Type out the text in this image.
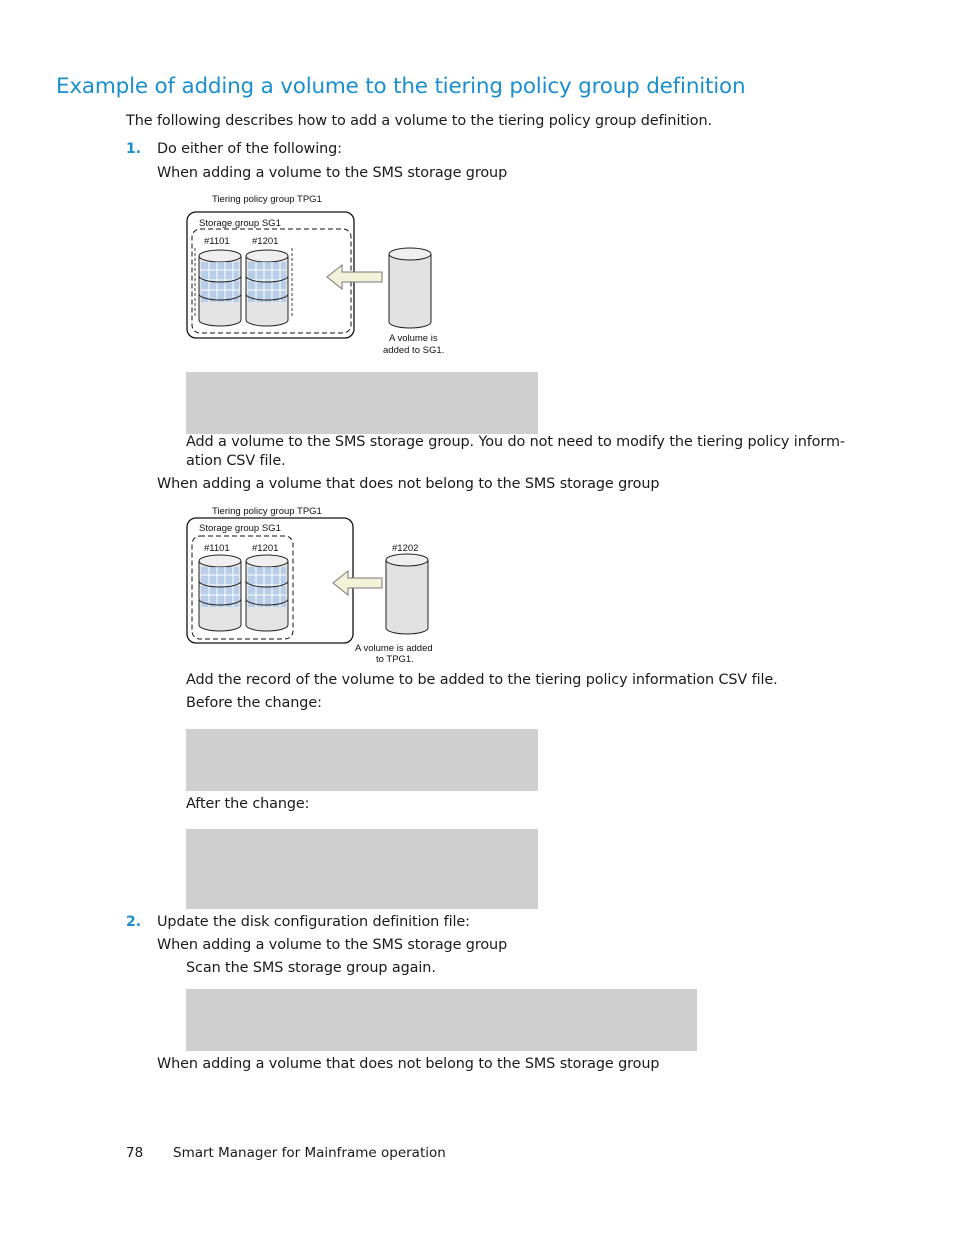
Example of adding a volume to the tiering policy group definition
The following describes how to add a volume to the tiering policy group definition.
1. Do either of the following:
When adding a volume to the SMS storage group
Tiering policy group TPG1
Storage group SG1
#1101 #1201
A volume is
added to SG1.
Add a volume to the SMS storage group. You do not need to modify the tiering policy inform-
ation CSV file.
When adding a volume that does not belong to the SMS storage group
Tiering policy group TPG1
Storage group SG1
#1101 #1201	#1202
A volume is added
to TPG1.
Add the record of the volume to be added to the tiering policy information CSV file.
Before the change:
After the change:
2. Update the disk configuration definition file:
When adding a volume to the SMS storage group
Scan the SMS storage group again.
When adding a volume that does not belong to the SMS storage group
78 Smart Manager for Mainframe operation
